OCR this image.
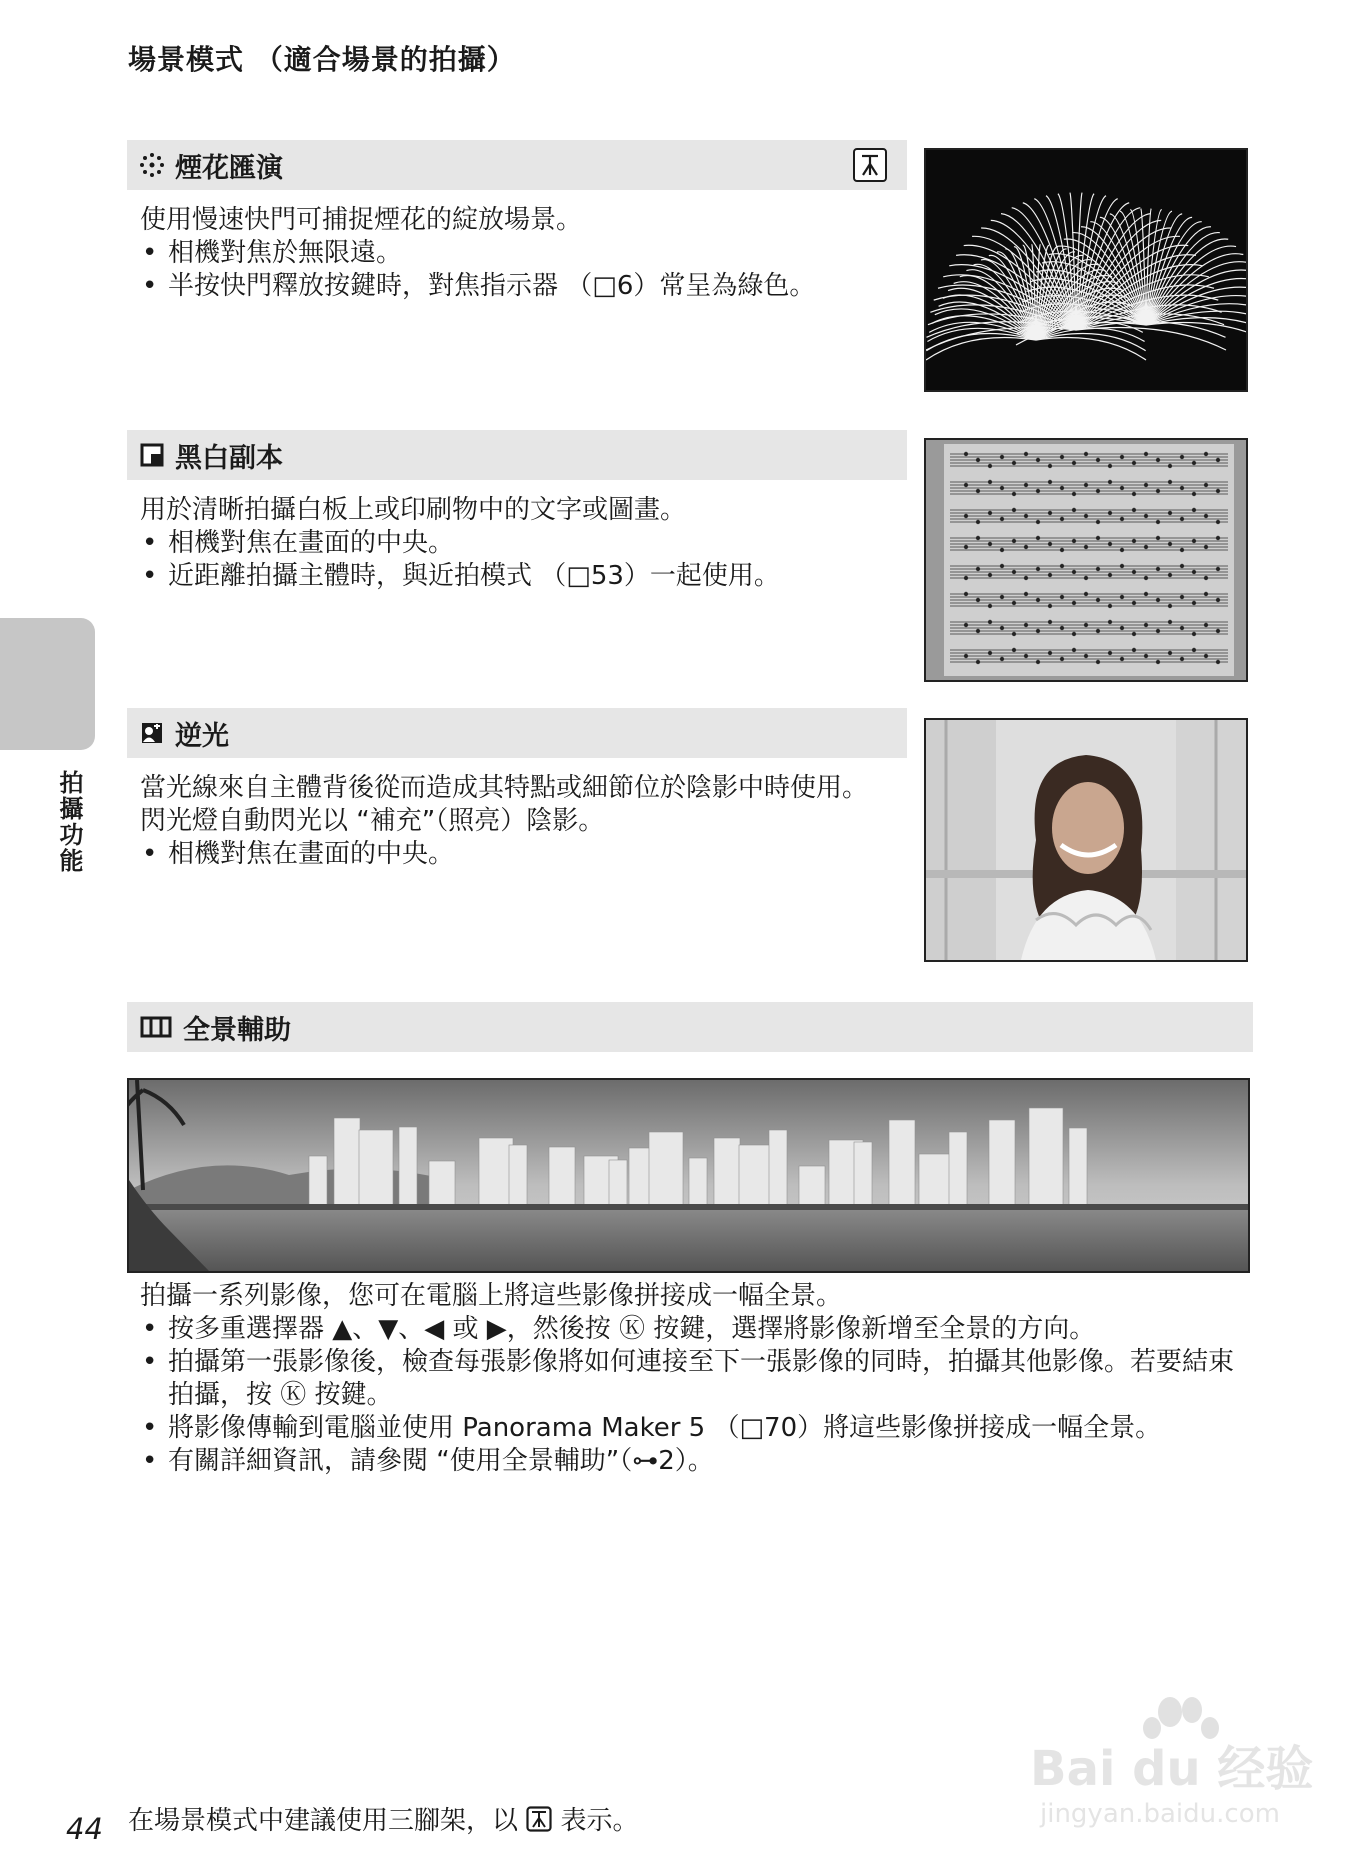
場景模式 （適合場景的拍攝）
拍攝功能
煙花匯演

使用慢速快門可捕捉煙花的綻放場景。

• 相機對焦於無限遠。
• 半按快門釋放按鍵時，對焦指示器 （□6）常呈為綠色。
黑白副本

用於清晰拍攝白板上或印刷物中的文字或圖畫。

• 相機對焦在畫面的中央。
• 近距離拍攝主體時，與近拍模式 （□53）一起使用。
逆光

當光線來自主體背後從而造成其特點或細節位於陰影中時使用。閃光燈自動閃光以 “補充”（照亮）陰影。

• 相機對焦在畫面的中央。
全景輔助

拍攝一系列影像，您可在電腦上將這些影像拼接成一幅全景。

• 按多重選擇器 ▲、▼、◀ 或 ▶，然後按 Ⓚ 按鍵，選擇將影像新增至全景的方向。
• 拍攝第一張影像後，檢查每張影像將如何連接至下一張影像的同時，拍攝其他影像。若要結束拍攝，按 Ⓚ 按鍵。
• 將影像傳輸到電腦並使用 Panorama Maker 5 （□70）將這些影像拼接成一幅全景。
• 有關詳細資訊，請參閱 “使用全景輔助”（⊶2）。
44 在場景模式中建議使用三腳架，以 表示。
Bai du 经验
jingyan.baidu.com
